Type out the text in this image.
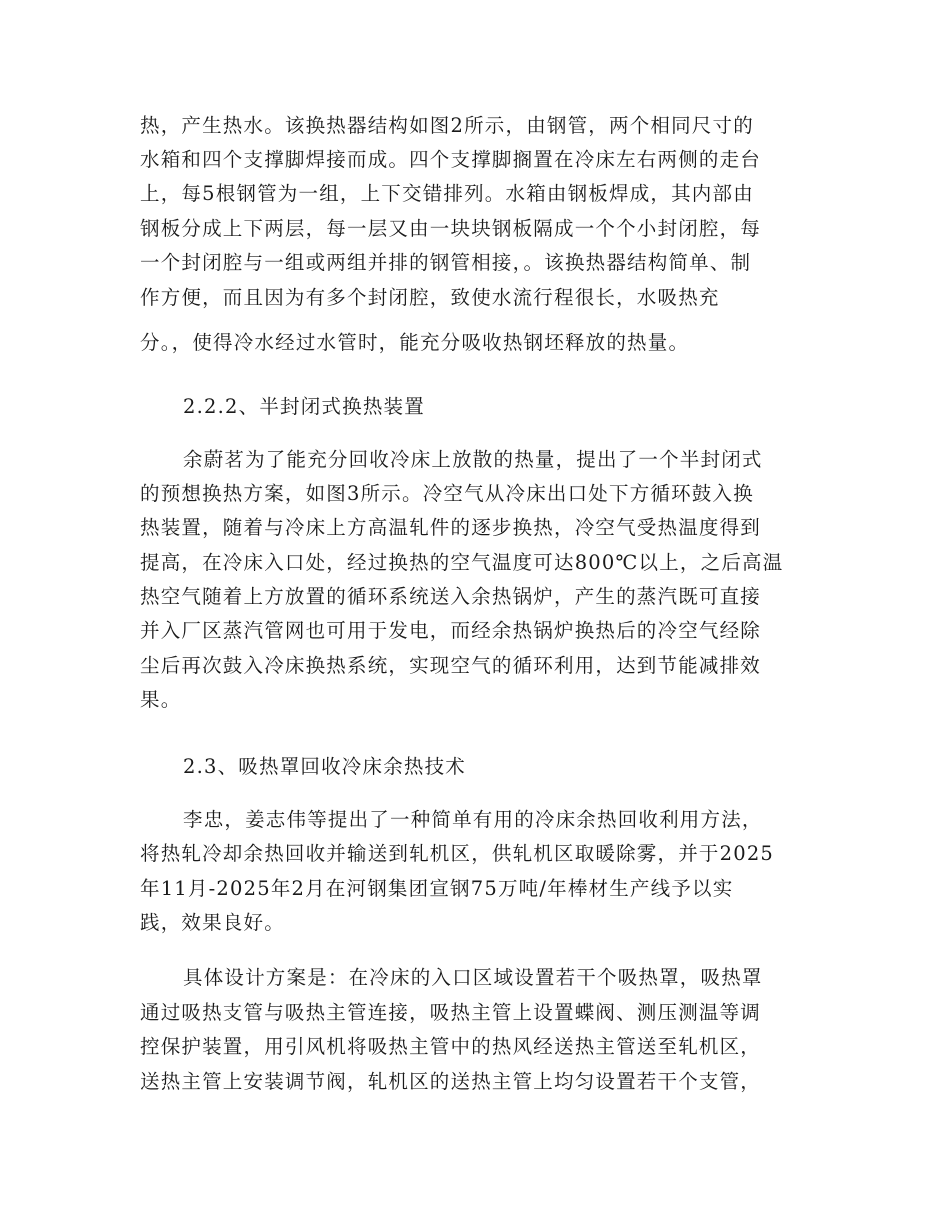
热，产生热水。该换热器结构如图2所示，由钢管，两个相同尺寸的
水箱和四个支撑脚焊接而成。四个支撑脚搁置在冷床左右两侧的走台
上，每5根钢管为一组，上下交错排列。水箱由钢板焊成，其内部由
钢板分成上下两层，每一层又由一块块钢板隔成一个个小封闭腔，每
一个封闭腔与一组或两组并排的钢管相接，。该换热器结构简单、制
作方便，而且因为有多个封闭腔，致使水流行程很长，水吸热充
分。，使得冷水经过水管时，能充分吸收热钢坯释放的热量。
2.2.2、半封闭式换热装置
余蔚茗为了能充分回收冷床上放散的热量，提出了一个半封闭式
的预想换热方案，如图3所示。冷空气从冷床出口处下方循环鼓入换
热装置，随着与冷床上方高温轧件的逐步换热，冷空气受热温度得到
提高，在冷床入口处，经过换热的空气温度可达800℃以上，之后高温
热空气随着上方放置的循环系统送入余热锅炉，产生的蒸汽既可直接
并入厂区蒸汽管网也可用于发电，而经余热锅炉换热后的冷空气经除
尘后再次鼓入冷床换热系统，实现空气的循环利用，达到节能减排效
果。
2.3、吸热罩回收冷床余热技术
李忠，姜志伟等提出了一种简单有用的冷床余热回收利用方法，
将热轧冷却余热回收并输送到轧机区，供轧机区取暖除雾，并于2025
年11月-2025年2月在河钢集团宣钢75万吨/年棒材生产线予以实
践，效果良好。
具体设计方案是：在冷床的入口区域设置若干个吸热罩，吸热罩
通过吸热支管与吸热主管连接，吸热主管上设置蝶阀、测压测温等调
控保护装置，用引风机将吸热主管中的热风经送热主管送至轧机区，
送热主管上安装调节阀，轧机区的送热主管上均匀设置若干个支管，
